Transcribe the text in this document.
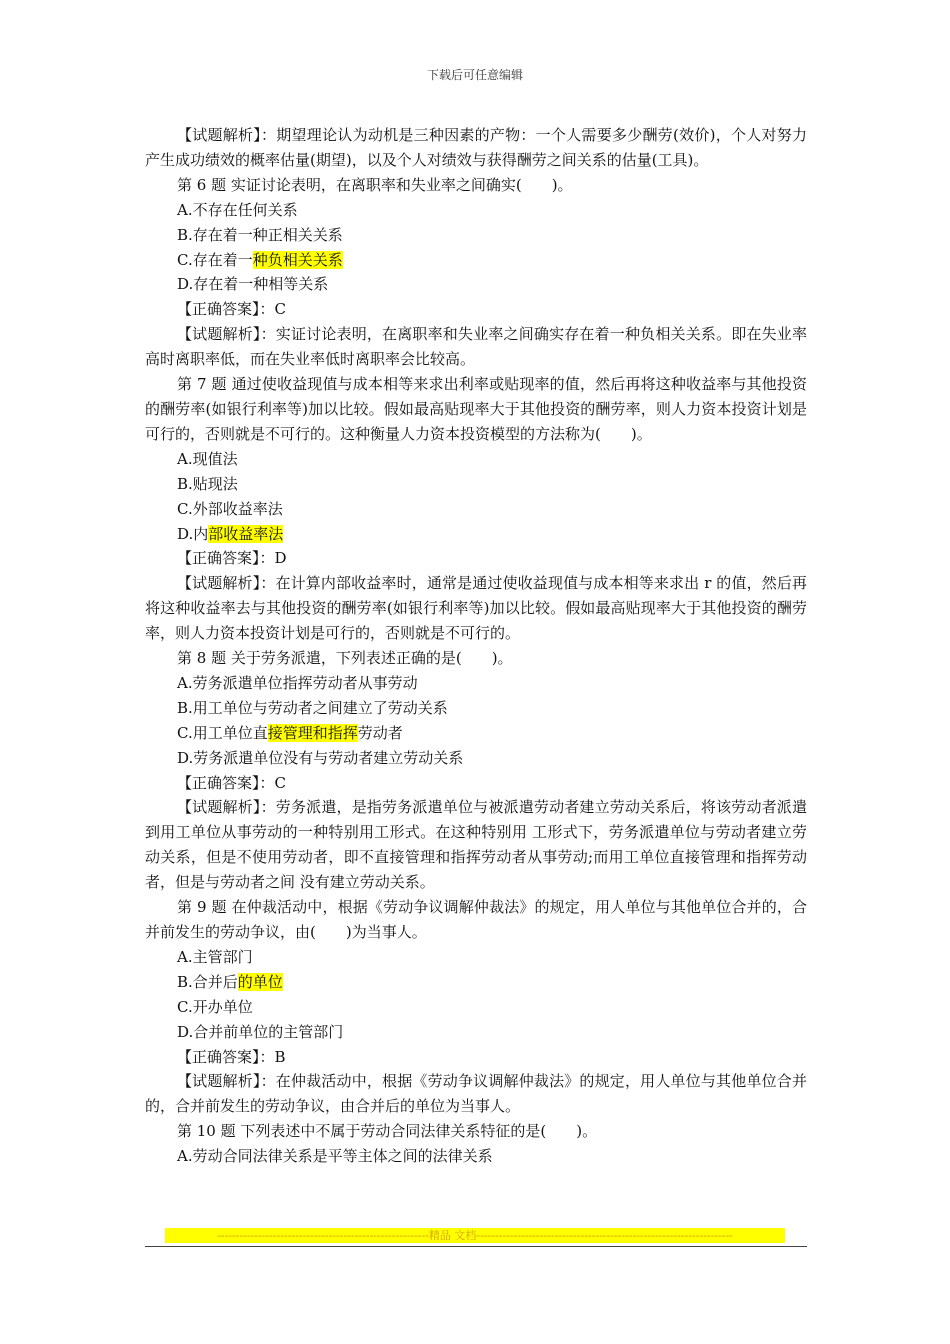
下载后可任意编辑

【试题解析】：期望理论认为动机是三种因素的产物：一个人需要多少酬劳(效价)，个人对努力产生成功绩效的概率估量(期望)，以及个人对绩效与获得酬劳之间关系的估量(工具)。

第 6 题 实证讨论表明，在离职率和失业率之间确实(　　)。

A.不存在任何关系

B.存在着一种正相关关系

C.存在着一种负相关关系

D.存在着一种相等关系

【正确答案】：C

【试题解析】：实证讨论表明，在离职率和失业率之间确实存在着一种负相关关系。即在失业率高时离职率低，而在失业率低时离职率会比较高。

第 7 题 通过使收益现值与成本相等来求出利率或贴现率的值，然后再将这种收益率与其他投资的酬劳率(如银行利率等)加以比较。假如最高贴现率大于其他投资的酬劳率，则人力资本投资计划是可行的，否则就是不可行的。这种衡量人力资本投资模型的方法称为(　　)。

A.现值法

B.贴现法

C.外部收益率法

D.内部收益率法

【正确答案】：D

【试题解析】：在计算内部收益率时，通常是通过使收益现值与成本相等来求出 r 的值，然后再将这种收益率去与其他投资的酬劳率(如银行利率等)加以比较。假如最高贴现率大于其他投资的酬劳率，则人力资本投资计划是可行的，否则就是不可行的。

第 8 题 关于劳务派遣，下列表述正确的是(　　)。

A.劳务派遣单位指挥劳动者从事劳动

B.用工单位与劳动者之间建立了劳动关系

C.用工单位直接管理和指挥劳动者

D.劳务派遣单位没有与劳动者建立劳动关系

【正确答案】：C

【试题解析】：劳务派遣，是指劳务派遣单位与被派遣劳动者建立劳动关系后，将该劳动者派遣到用工单位从事劳动的一种特别用工形式。在这种特别用 工形式下，劳务派遣单位与劳动者建立劳动关系，但是不使用劳动者，即不直接管理和指挥劳动者从事劳动;而用工单位直接管理和指挥劳动者，但是与劳动者之间 没有建立劳动关系。

第 9 题 在仲裁活动中，根据《劳动争议调解仲裁法》的规定，用人单位与其他单位合并的，合并前发生的劳动争议，由(　　)为当事人。

A.主管部门

B.合并后的单位

C.开办单位

D.合并前单位的主管部门

【正确答案】：B

【试题解析】：在仲裁活动中，根据《劳动争议调解仲裁法》的规定，用人单位与其他单位合并的，合并前发生的劳动争议，由合并后的单位为当事人。

第 10 题 下列表述中不属于劳动合同法律关系特征的是(　　)。

A.劳动合同法律关系是平等主体之间的法律关系

---------------------------------------------------------精品 文档---------------------------------------------------------------------
